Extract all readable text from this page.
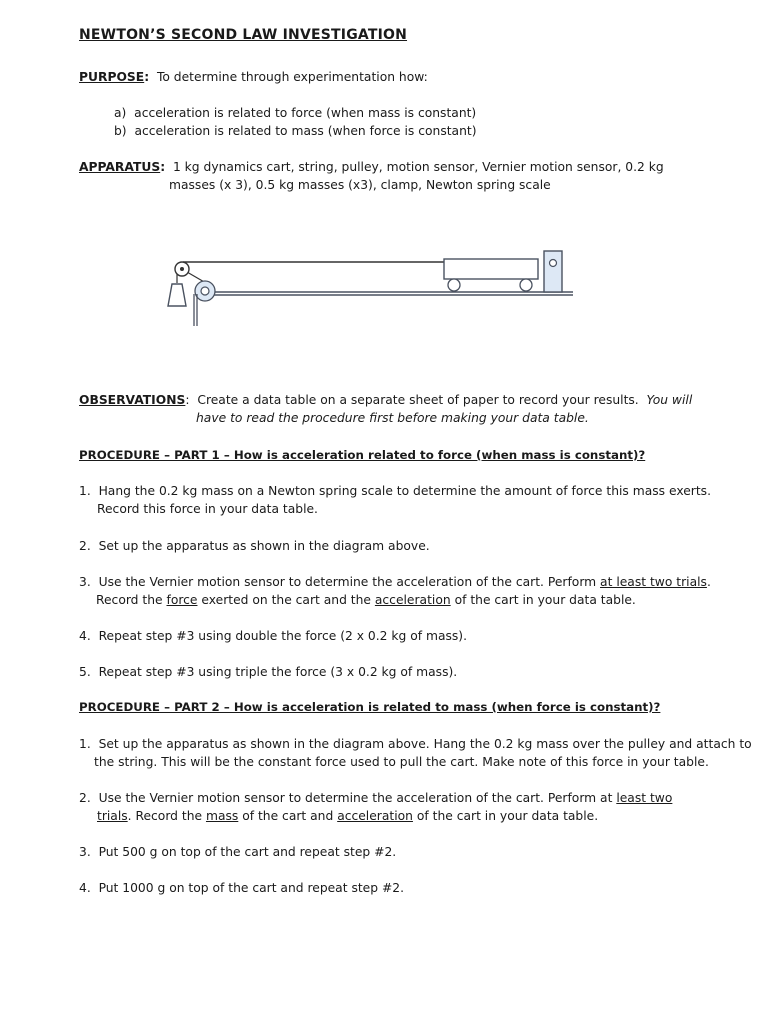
NEWTON’S SECOND LAW INVESTIGATION
PURPOSE: To determine through experimentation how:
a) acceleration is related to force (when mass is constant)
b) acceleration is related to mass (when force is constant)
APPARATUS: 1 kg dynamics cart, string, pulley, motion sensor, Vernier motion sensor, 0.2 kg
masses (x 3), 0.5 kg masses (x3), clamp, Newton spring scale
OBSERVATIONS: Create a data table on a separate sheet of paper to record your results. You will
have to read the procedure first before making your data table.
PROCEDURE – PART 1 – How is acceleration related to force (when mass is constant)?
1. Hang the 0.2 kg mass on a Newton spring scale to determine the amount of force this mass exerts.
Record this force in your data table.
2. Set up the apparatus as shown in the diagram above.
3. Use the Vernier motion sensor to determine the acceleration of the cart. Perform at least two trials.
Record the force exerted on the cart and the acceleration of the cart in your data table.
4. Repeat step #3 using double the force (2 x 0.2 kg of mass).
5. Repeat step #3 using triple the force (3 x 0.2 kg of mass).
PROCEDURE – PART 2 – How is acceleration is related to mass (when force is constant)?
1. Set up the apparatus as shown in the diagram above. Hang the 0.2 kg mass over the pulley and attach to
the string. This will be the constant force used to pull the cart. Make note of this force in your table.
2. Use the Vernier motion sensor to determine the acceleration of the cart. Perform at least two
trials. Record the mass of the cart and acceleration of the cart in your data table.
3. Put 500 g on top of the cart and repeat step #2.
4. Put 1000 g on top of the cart and repeat step #2.
